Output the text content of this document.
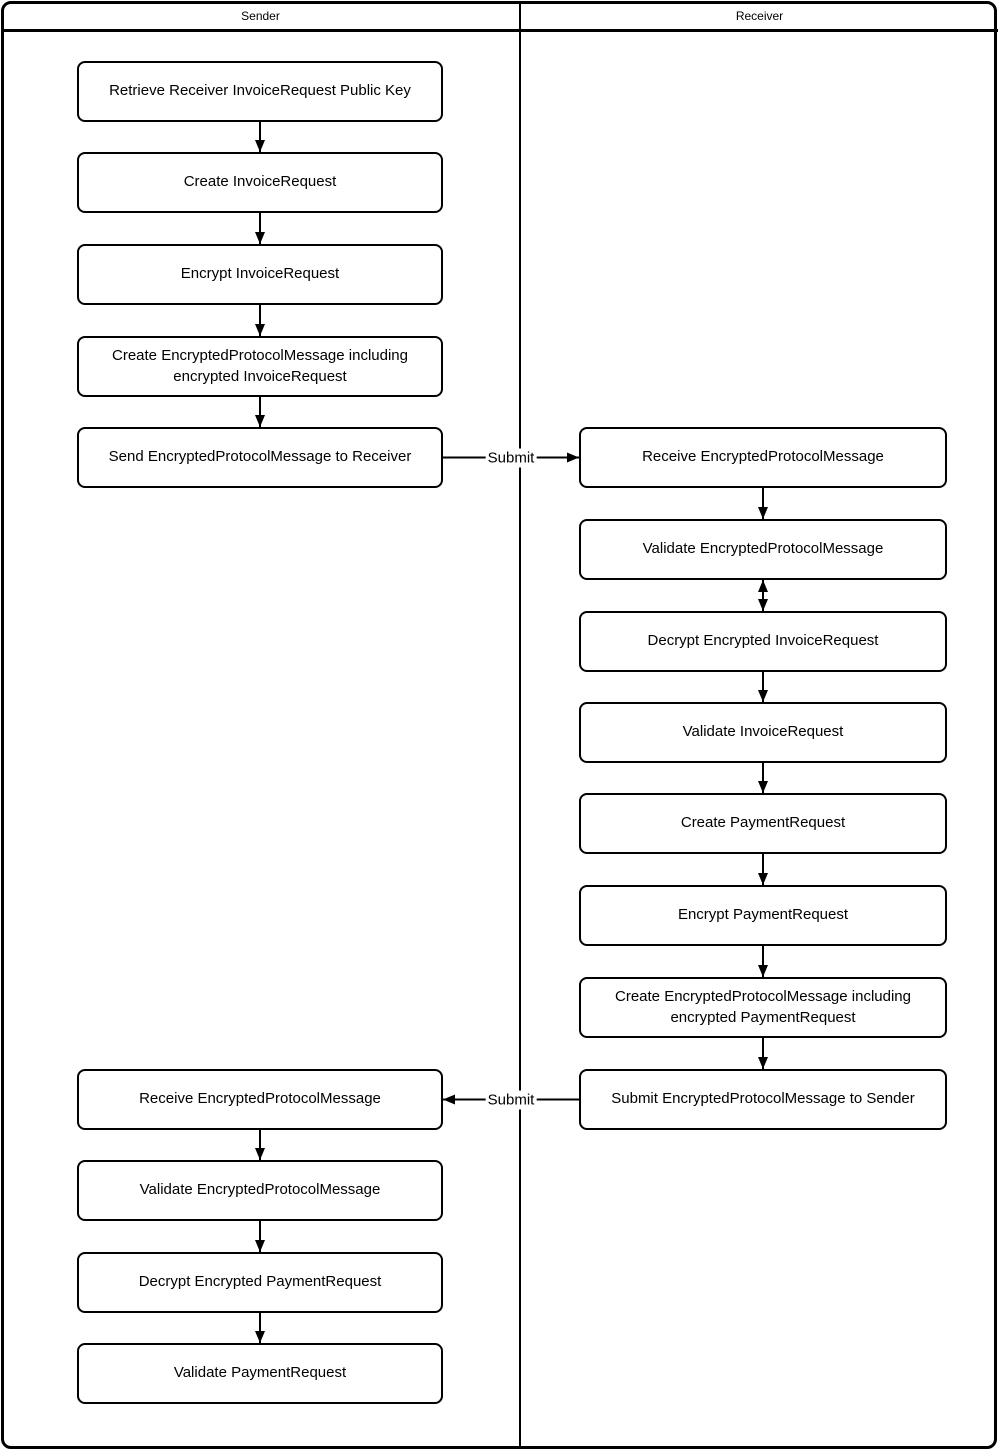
Sender	Receiver
Submit
Submit
Retrieve Receiver InvoiceRequest Public Key
Create InvoiceRequest
Encrypt InvoiceRequest
Create EncryptedProtocolMessage including encrypted InvoiceRequest
Send EncryptedProtocolMessage to Receiver
Receive EncryptedProtocolMessage
Validate EncryptedProtocolMessage
Decrypt Encrypted PaymentRequest
Validate PaymentRequest
Receive EncryptedProtocolMessage
Validate EncryptedProtocolMessage
Decrypt Encrypted InvoiceRequest
Validate InvoiceRequest
Create PaymentRequest
Encrypt PaymentRequest
Create EncryptedProtocolMessage including encrypted PaymentRequest
Submit EncryptedProtocolMessage to Sender
